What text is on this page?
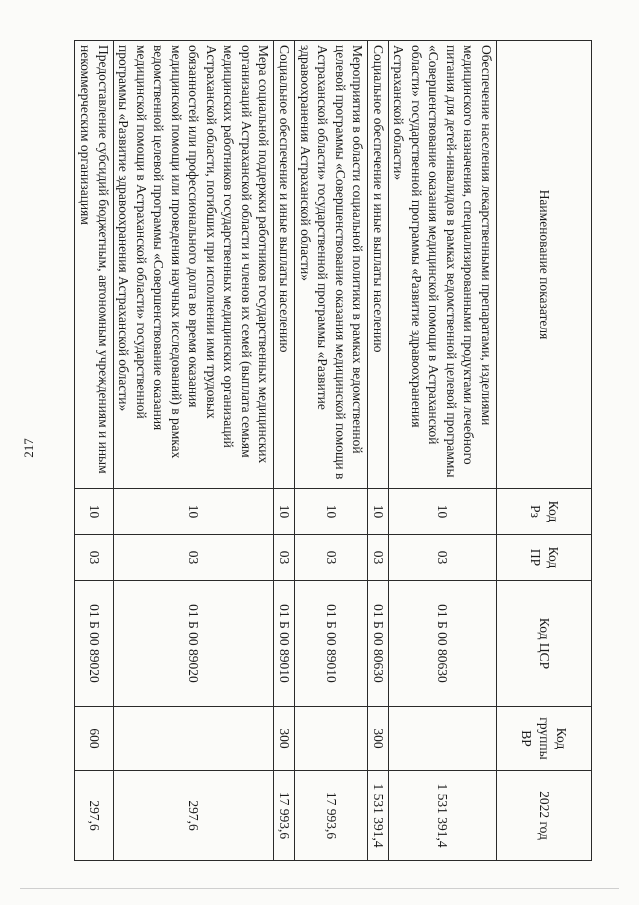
217
Наименование показателя	Код Рз	Код ПР	Код ЦСР	Код группы ВР	2022 год
Обеспечение населения лекарственными препаратами, изделиями медицинского назначения, специализированными продуктами лечебного питания для детей-инвалидов в рамках ведомственной целевой программы «Совершенствование оказания медицинской помощи в Астраханской области» государственной программы «Развитие здравоохранения Астраханской области»	10	03	01 Б 00 80630		1 531 391,4
Социальное обеспечение и иные выплаты населению	10	03	01 Б 00 80630	300	1 531 391,4
Мероприятия в области социальной политики в рамках ведомственной целевой программы «Совершенствование оказания медицинской помощи в Астраханской области» государственной программы «Развитие здравоохранения Астраханской области»	10	03	01 Б 00 89010		17 993,6
Социальное обеспечение и иные выплаты населению	10	03	01 Б 00 89010	300	17 993,6
Мера социальной поддержки работников государственных медицинских организаций Астраханской области и членов их семей (выплата семьям медицинских работников государственных медицинских организаций Астраханской области, погибших при исполнении ими трудовых обязанностей или профессионального долга во время оказания медицинской помощи или проведения научных исследований) в рамках ведомственной целевой программы «Совершенствование оказания медицинской помощи в Астраханской области» государственной программы «Развитие здравоохранения Астраханской области»	10	03	01 Б 00 89020		297,6
Предоставление субсидий бюджетным, автономным учреждениям и иным некоммерческим организациям	10	03	01 Б 00 89020	600	297,6
